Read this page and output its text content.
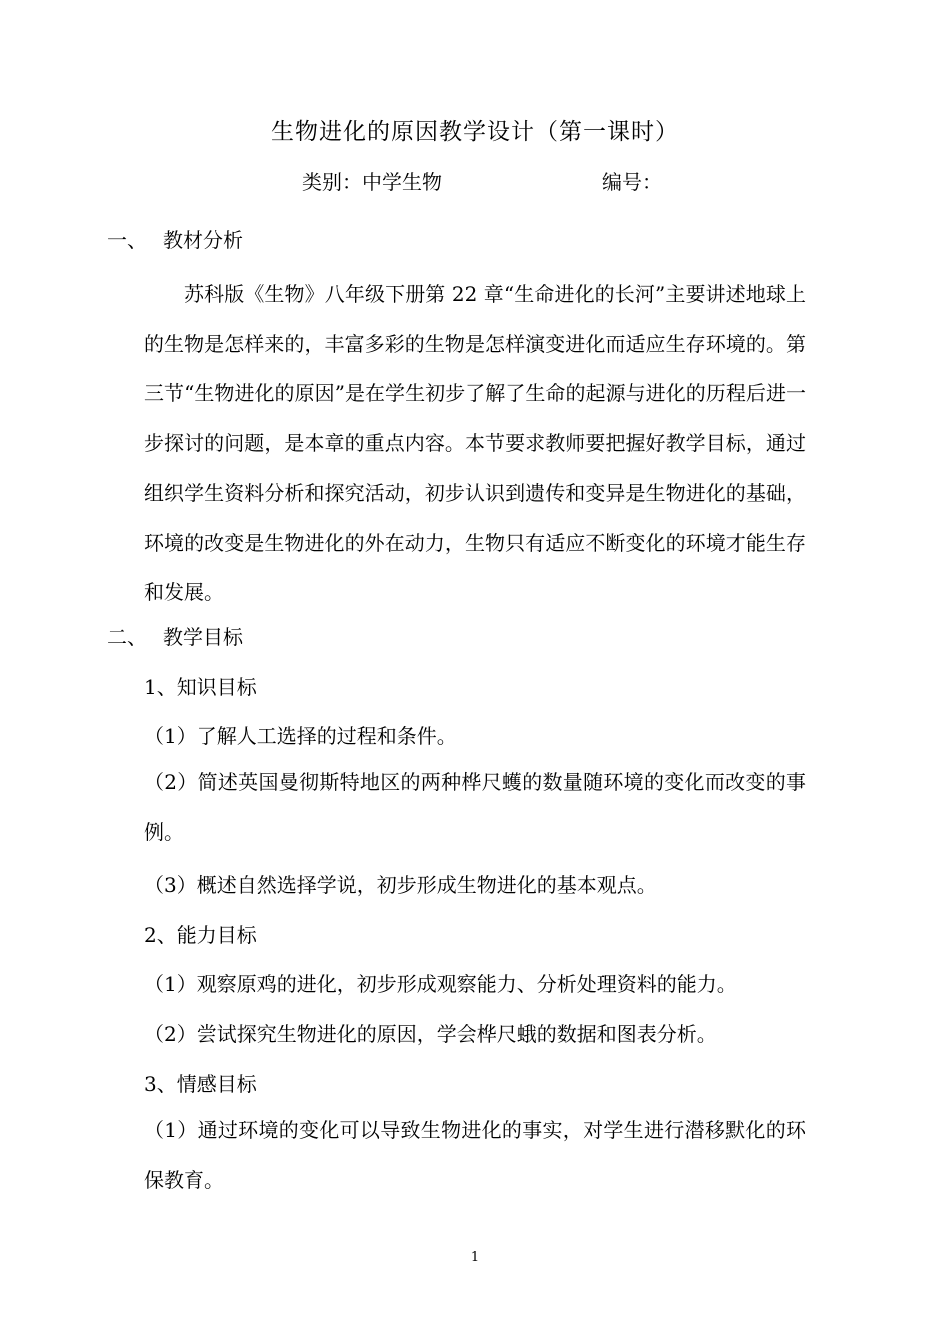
生物进化的原因教学设计（第一课时）
类别：中学生物	编号：
一、 教材分析
苏科版《生物》八年级下册第 22 章“生命进化的长河”主要讲述地球上的生物是怎样来的，丰富多彩的生物是怎样演变进化而适应生存环境的。第三节“生物进化的原因”是在学生初步了解了生命的起源与进化的历程后进一步探讨的问题，是本章的重点内容。本节要求教师要把握好教学目标，通过组织学生资料分析和探究活动，初步认识到遗传和变异是生物进化的基础，环境的改变是生物进化的外在动力，生物只有适应不断变化的环境才能生存和发展。
二、 教学目标
1、知识目标
（1）了解人工选择的过程和条件。
（2）简述英国曼彻斯特地区的两种桦尺蠖的数量随环境的变化而改变的事例。
（3）概述自然选择学说，初步形成生物进化的基本观点。
2、能力目标
（1）观察原鸡的进化，初步形成观察能力、分析处理资料的能力。
（2）尝试探究生物进化的原因，学会桦尺蛾的数据和图表分析。
3、情感目标
（1）通过环境的变化可以导致生物进化的事实，对学生进行潜移默化的环保教育。
1
